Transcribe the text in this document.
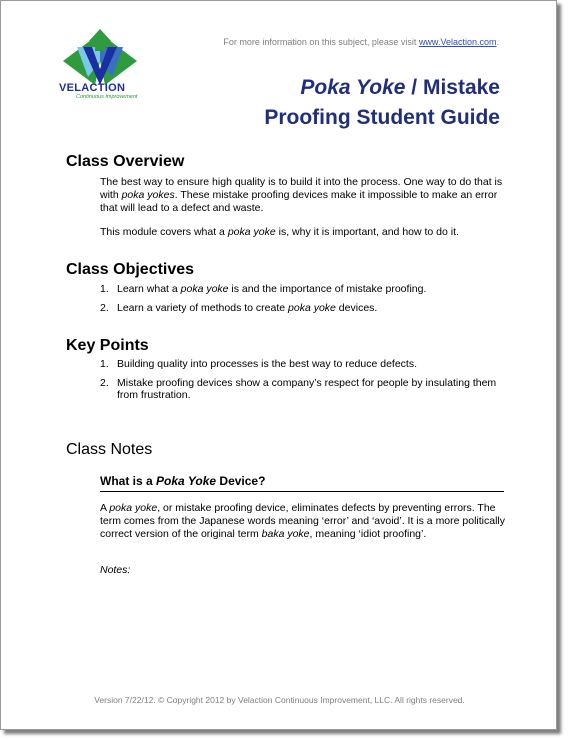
VELACTION
Continuous Improvement
For more information on this subject, please visit www.Velaction.com.
Poka Yoke / Mistake
Proofing Student Guide
Class Overview
The best way to ensure high quality is to build it into the process. One way to do that is with poka yokes. These mistake proofing devices make it impossible to make an error that will lead to a defect and waste.
This module covers what a poka yoke is, why it is important, and how to do it.
Class Objectives
1. Learn what a poka yoke is and the importance of mistake proofing.
2. Learn a variety of methods to create poka yoke devices.
Key Points
1. Building quality into processes is the best way to reduce defects.
2. Mistake proofing devices show a company’s respect for people by insulating them from frustration.
Class Notes
What is a Poka Yoke Device?
A poka yoke, or mistake proofing device, eliminates defects by preventing errors. The term comes from the Japanese words meaning ‘error’ and ‘avoid’. It is a more politically correct version of the original term baka yoke, meaning ‘idiot proofing’.
Notes:
Version 7/22/12. © Copyright 2012 by Velaction Continuous Improvement, LLC. All rights reserved.
